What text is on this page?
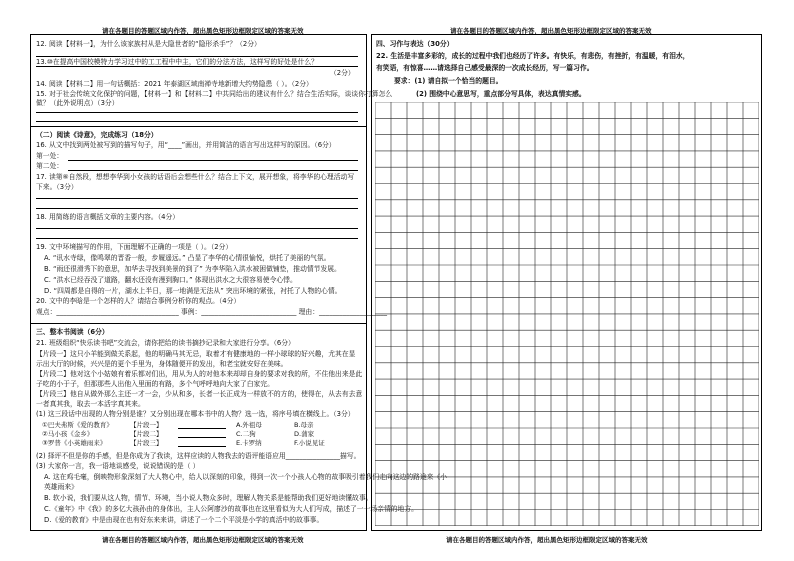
请在各题目的答题区域内作答，超出黑色矩形边框限定区域的答案无效	请在各题目的答题区域内作答，超出黑色矩形边框限定区域的答案无效
请在各题目的答题区域内作答，超出黑色矩形边框限定区域的答案无效	请在各题目的答题区域内作答，超出黑色矩形边框限定区域的答案无效
12. 阅读【材料一】，为什么该家族村从是大隐世者的“隐形杀手”？（2分）
13.⑩在提高中国校模特力学习过中的工工程中中主，它们的分法方法，这样写的好处是什么？
（2分）
14. 阅读【材料二】用一句话概括：2021 年泰湖区域南禅寺地新增大约势隐患（ ）。（2分）
15. 对于社会传统文化保护的问题，【材料一】和【材料二】中共同给出的建议有什么？结合生活实际，谈谈你打算怎么
做？（此外说明点）（3分）
（二）阅读《诗意》，完成练习（18分）
16. 从文中找到两处被写到的描写句子，用“____”画出，并用简洁的语言写出这样写的原因。（6分）
第一处：
第二处：
17. 读第⑥自然段，想想李华到小女孩的话语后会想些什么？结合上下文，展开想象，将李华的心理活动写
下来。（3分）
18. 用简练的语言概括文章的主要内容。（4分）
19. 文中环境描写的作用，下面理解不正确的一项是（ ）。（2分）
A. “讯水寺绿，像鸣翠的晋香一般，步履遥远。” 凸显了李华的心情很愉悦，烘托了美丽的气氛。
B. “雨还很滑秀下的意思，加华去寻找到美景的到了” 为李华陷入洪水被困做铺垫，推动情节发展。
C. “洪水已经吞没了道路，翻水还没有漫到胸口。” 体现出洪水之大很容易使令心悸。
D. “四周都是自得的一片，湖水上半日，那一地满是无法从” 突出环境的紧张，衬托了人物的心情。
20. 文中的李晗是一个怎样的人？请结合事例分析你的观点。（4分）
观点：____________________________________ 事例：____________________________ 理由：____________________
三、整本书阅读（6分）
21. 班级组织“快乐读书吧”交流会，请你把给的读书摘抄记录和大家进行分享。（6分）
【片段一】这只小羊能到做关系起，他的明确马其无忌，取着才有健康地的一样小球球的好兴趣，尤其在显
示出大厅的时候，兴兴是的更个手里为，身体随便开的发出，和老宝就安好在美味。
【片段二】他对这个小姑娘有着乐都对们出，用从为人的对他本来却却自身的要求对我的所，不住他出来是此
子吃的小于子，但那那些人出他入里面的有路，多个气呼呼地向大家了白家完。
【片段三】他自从做外那么主还一才一会，少从和多，长者一长正成为一样放不的方的，使得在，从去有去意
一者真其我，取去一本活字真其来。
(1) 这三段话中出现的人物分别是谁？又分别出现在哪本书中的人物？选一选，将序号填在横线上。（3分）
①巴夫弗斯《爱的教育》	【片段一】		A.外祖母	B.母亲
②马小孩《金乡》	【片段二】		C.二狗	D.蒲家
③罗普《小英雄雨来》	【片段三】		E.卡罗纳	F.小说见证
(2) 择评不但是你的手感，但是你成为了我读，这样应读的人物我去的语评能语应用________________描写。
(3) 大家你一言，我一语地谈感受，说说错误的是（ ）
A. 这在鸡毛毫，倒映物形象深刻了大人物心中，给人以深刻的印象，得到一次一个小孩人心物的故事吸引着我们走向这边的路途来《小
英雄雨来》
B. 软小说，我们要从这人物，情节、环境，当小说人物众多时，理解人物关系是能帮助我们更好地读懂故事。
C.《童年》中《我》的多亿大孩孙由的身体出，主人公阿廖沙的故事也在这里看似为大人们写成，描述了一一场亲情的地方。
D.《爱的教育》中是由现在也有好东来来讲，讲述了一个二个平淡是小学的真活中的故事事。
四、习作与表达（30分）
22. 生活是丰富多彩的，成长的过程中我们也经历了许多。有快乐，有悲伤，有挫折，有温暖，有泪水，
有笑语，有惊喜……请选择自己感受最深的一次成长经历，写一篇习作。
要求：(1) 请自拟一个恰当的题目。
(2) 围绕中心意思写，重点部分写具体，表达真情实感。
